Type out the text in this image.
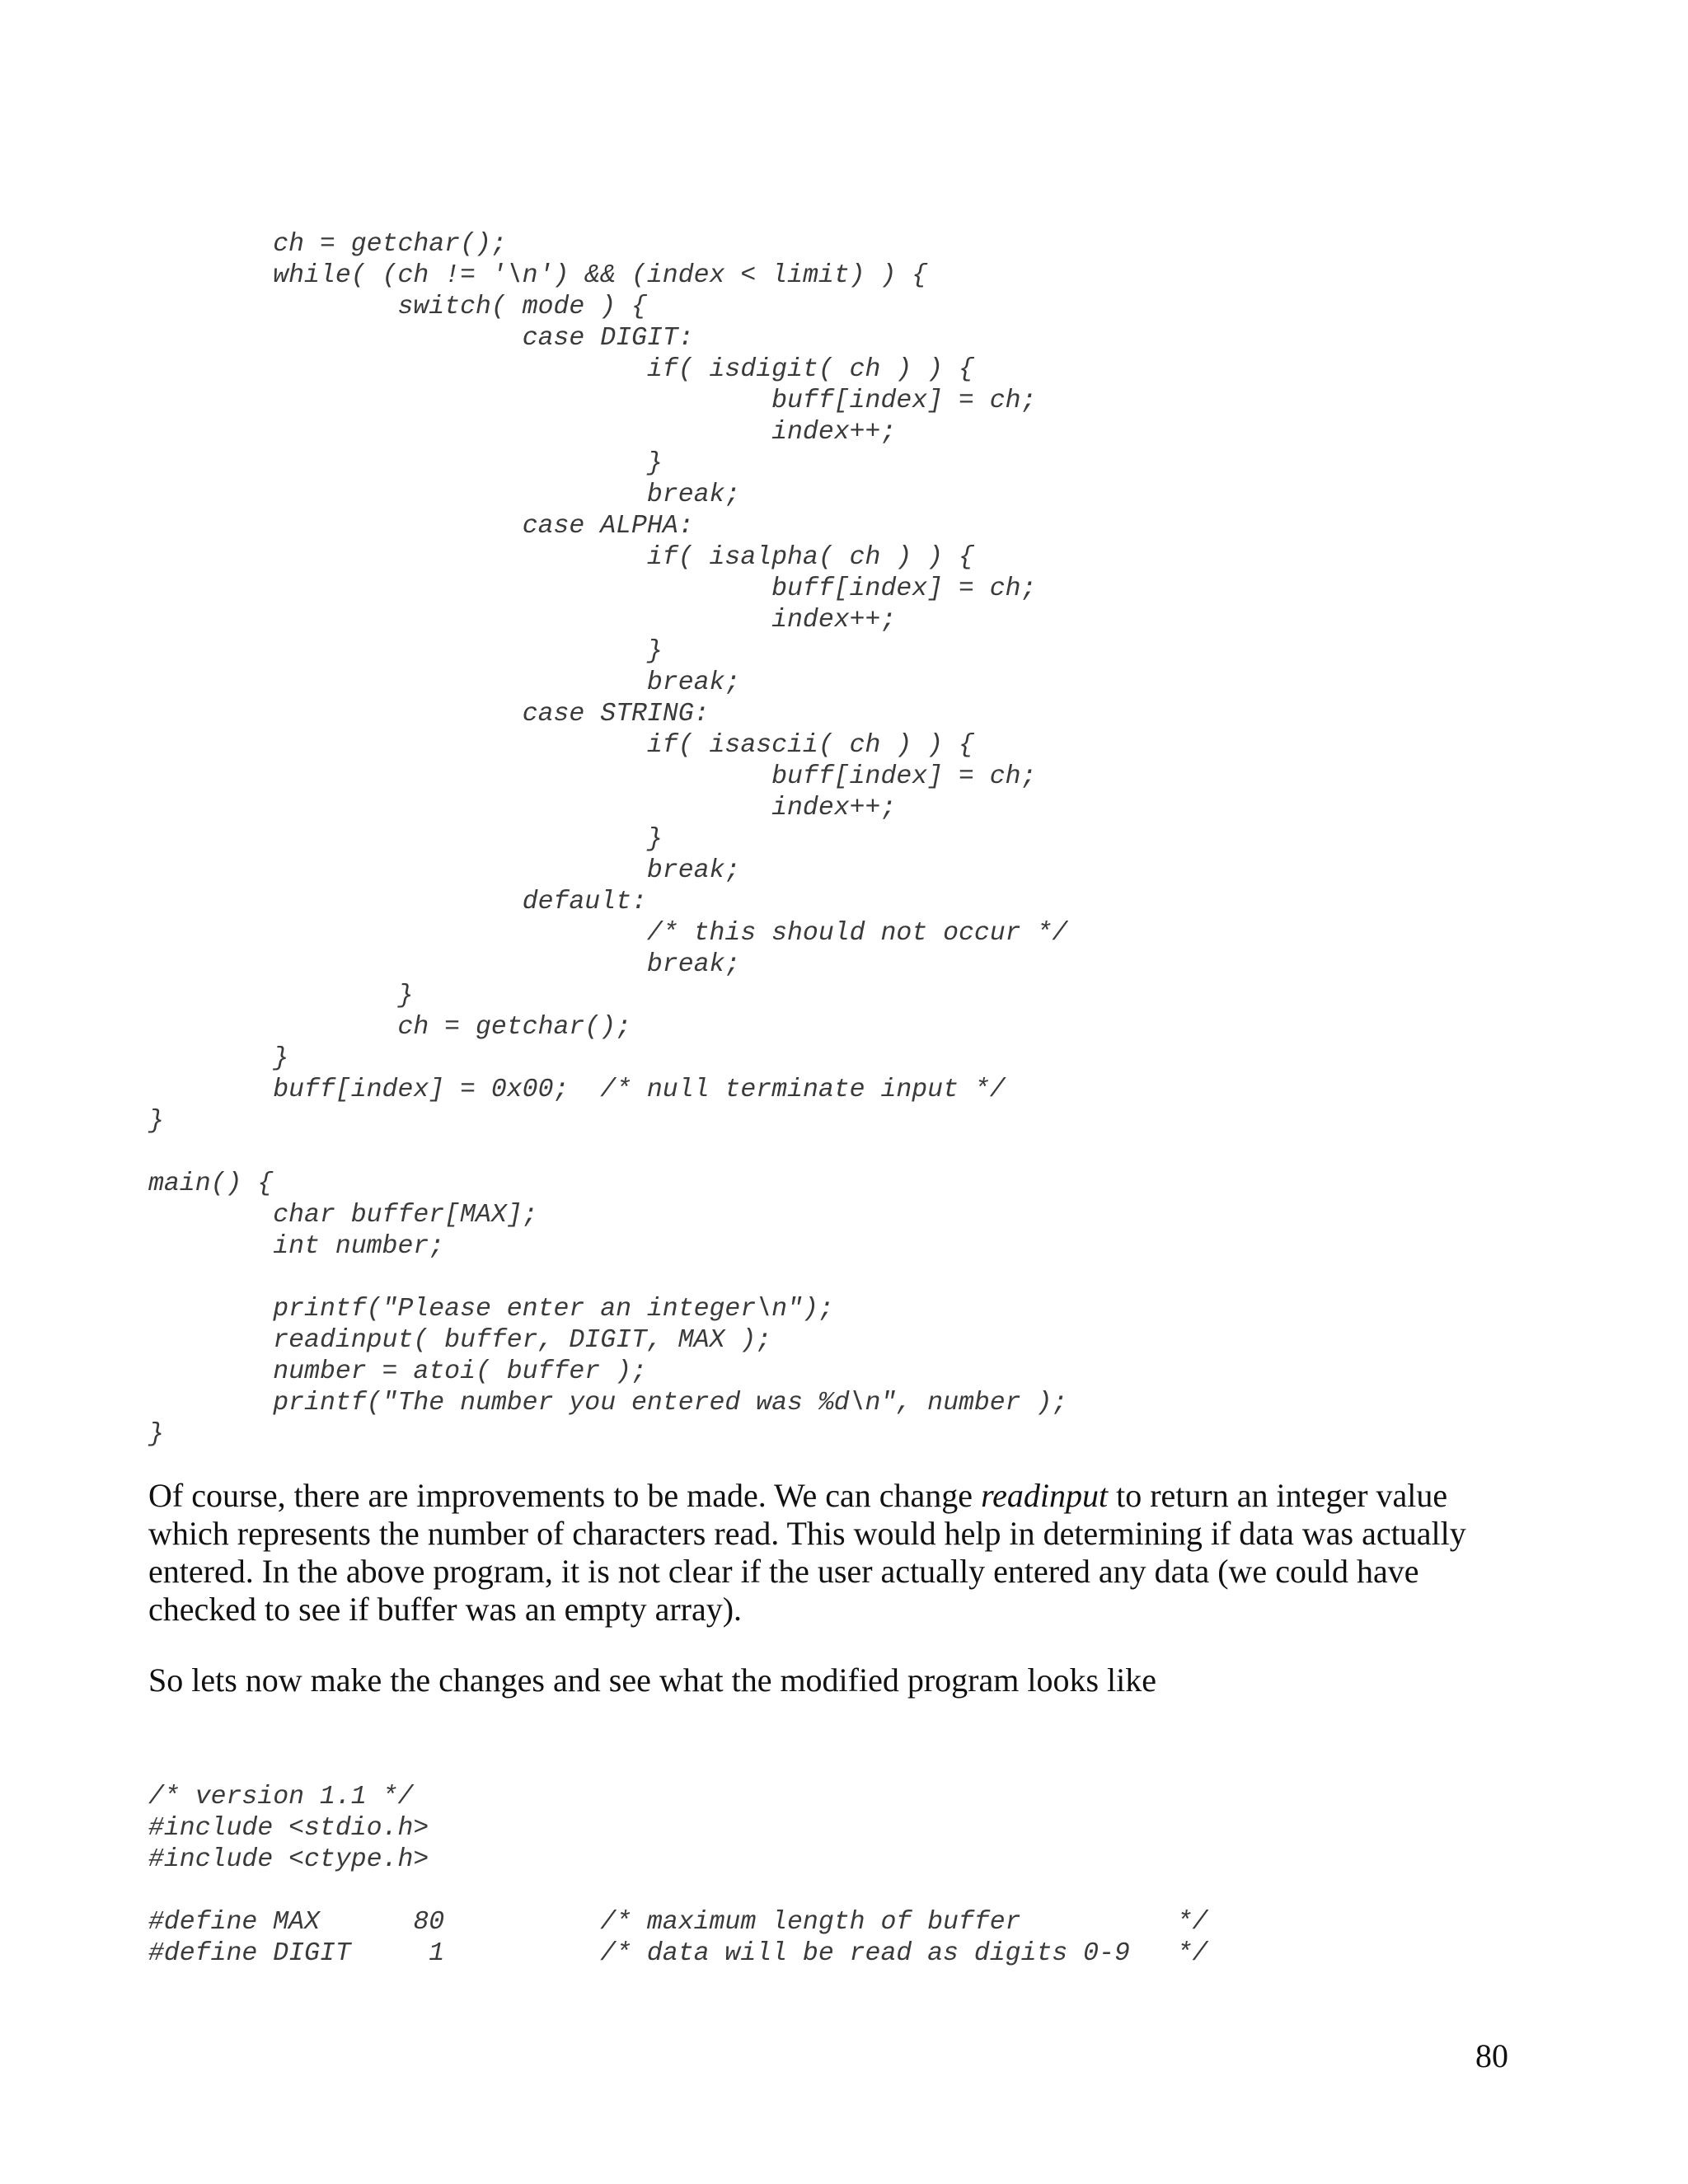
	ch = getchar();
	while( (ch != '\n') && (index < limit) ) {
		switch( mode ) {
			case DIGIT:
				if( isdigit( ch ) ) {
					buff[index] = ch;
					index++;
				}
				break;
			case ALPHA:
				if( isalpha( ch ) ) {
					buff[index] = ch;
					index++;
				}
				break;
			case STRING:
				if( isascii( ch ) ) {
					buff[index] = ch;
					index++;
				}
				break;
			default:
				/* this should not occur */
				break;
		}
		ch = getchar();
	}
	buff[index] = 0x00;  /* null terminate input */
}
main() {
	char buffer[MAX];
	int number;
	printf("Please enter an integer\n");
	readinput( buffer, DIGIT, MAX );
	number = atoi( buffer );
	printf("The number you entered was %d\n", number );
}

Of course, there are improvements to be made. We can change readinput to return an integer value which represents the number of characters read. This would help in determining if data was actually entered. In the above program, it is not clear if the user actually entered any data (we could have checked to see if buffer was an empty array).

So lets now make the changes and see what the modified program looks like

/* version 1.1 */
#include <stdio.h>
#include <ctype.h>
#define MAX      80          /* maximum length of buffer          */
#define DIGIT     1          /* data will be read as digits 0-9   */
80
